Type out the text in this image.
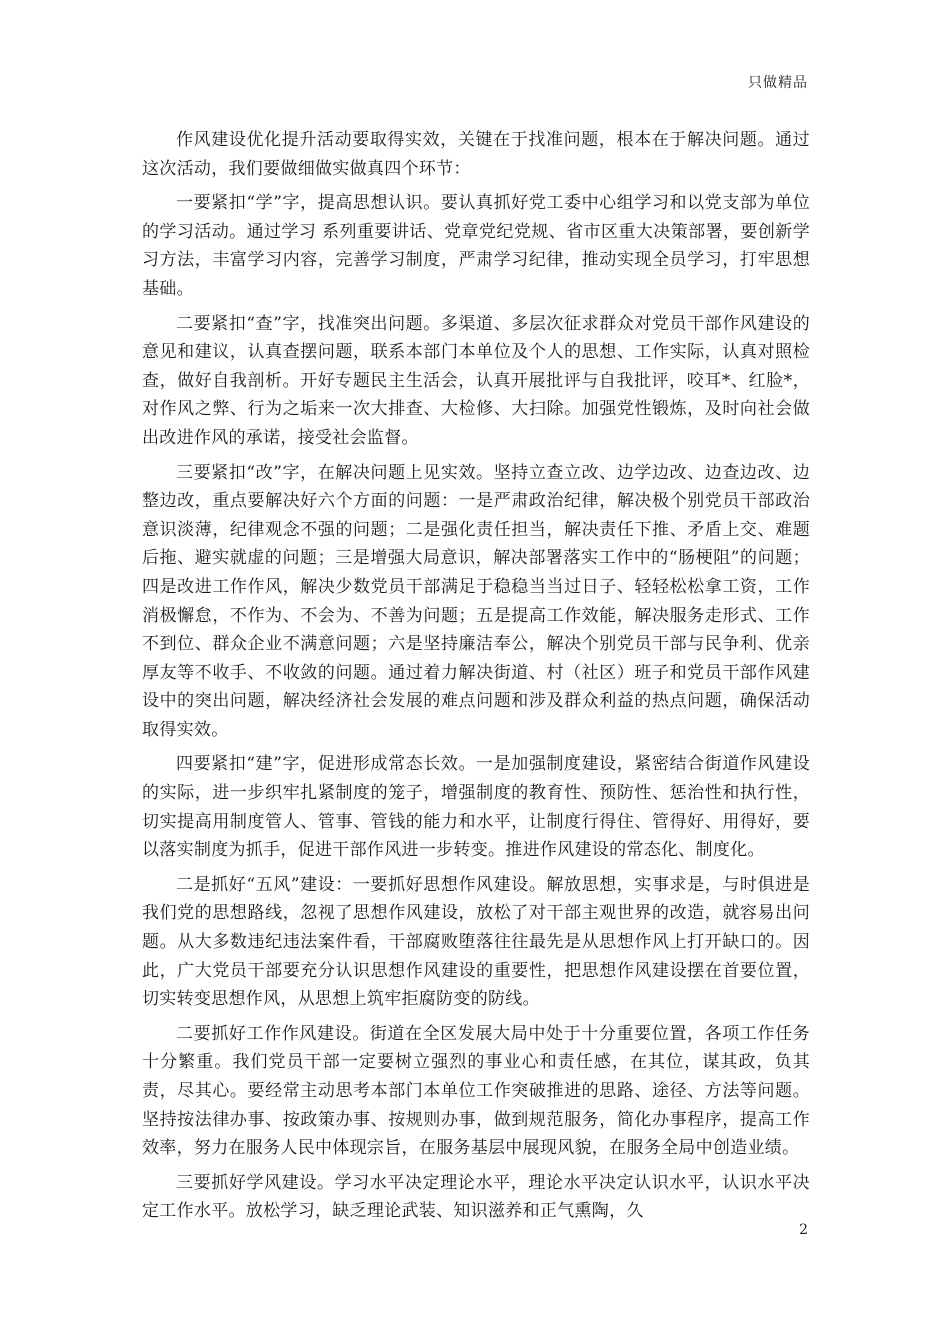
只做精品

作风建设优化提升活动要取得实效，关键在于找准问题，根本在于解决问题。通过这次活动，我们要做细做实做真四个环节：

一要紧扣“学”字，提高思想认识。要认真抓好党工委中心组学习和以党支部为单位的学习活动。通过学习 系列重要讲话、党章党纪党规、省市区重大决策部署，要创新学习方法，丰富学习内容，完善学习制度，严肃学习纪律，推动实现全员学习，打牢思想基础。

二要紧扣“查”字，找准突出问题。多渠道、多层次征求群众对党员干部作风建设的意见和建议，认真查摆问题，联系本部门本单位及个人的思想、工作实际，认真对照检查，做好自我剖析。开好专题民主生活会，认真开展批评与自我批评，咬耳*、红脸*，对作风之弊、行为之垢来一次大排查、大检修、大扫除。加强党性锻炼，及时向社会做出改进作风的承诺，接受社会监督。

三要紧扣“改”字，在解决问题上见实效。坚持立查立改、边学边改、边查边改、边整边改，重点要解决好六个方面的问题：一是严肃政治纪律，解决极个别党员干部政治意识淡薄，纪律观念不强的问题；二是强化责任担当，解决责任下推、矛盾上交、难题后拖、避实就虚的问题；三是增强大局意识，解决部署落实工作中的“肠梗阻”的问题；四是改进工作作风，解决少数党员干部满足于稳稳当当过日子、轻轻松松拿工资，工作消极懈怠，不作为、不会为、不善为问题；五是提高工作效能，解决服务走形式、工作不到位、群众企业不满意问题；六是坚持廉洁奉公，解决个别党员干部与民争利、优亲厚友等不收手、不收敛的问题。通过着力解决街道、村（社区）班子和党员干部作风建设中的突出问题，解决经济社会发展的难点问题和涉及群众利益的热点问题，确保活动取得实效。

四要紧扣“建”字，促进形成常态长效。一是加强制度建设，紧密结合街道作风建设的实际，进一步织牢扎紧制度的笼子，增强制度的教育性、预防性、惩治性和执行性，切实提高用制度管人、管事、管钱的能力和水平，让制度行得住、管得好、用得好，要以落实制度为抓手，促进干部作风进一步转变。推进作风建设的常态化、制度化。

二是抓好“五风”建设：一要抓好思想作风建设。解放思想，实事求是，与时俱进是我们党的思想路线，忽视了思想作风建设，放松了对干部主观世界的改造，就容易出问题。从大多数违纪违法案件看，干部腐败堕落往往最先是从思想作风上打开缺口的。因此，广大党员干部要充分认识思想作风建设的重要性，把思想作风建设摆在首要位置，切实转变思想作风，从思想上筑牢拒腐防变的防线。

二要抓好工作作风建设。街道在全区发展大局中处于十分重要位置，各项工作任务十分繁重。我们党员干部一定要树立强烈的事业心和责任感，在其位，谋其政，负其责，尽其心。要经常主动思考本部门本单位工作突破推进的思路、途径、方法等问题。坚持按法律办事、按政策办事、按规则办事，做到规范服务，简化办事程序，提高工作效率，努力在服务人民中体现宗旨，在服务基层中展现风貌，在服务全局中创造业绩。

三要抓好学风建设。学习水平决定理论水平，理论水平决定认识水平，认识水平决定工作水平。放松学习，缺乏理论武装、知识滋养和正气熏陶，久

2
